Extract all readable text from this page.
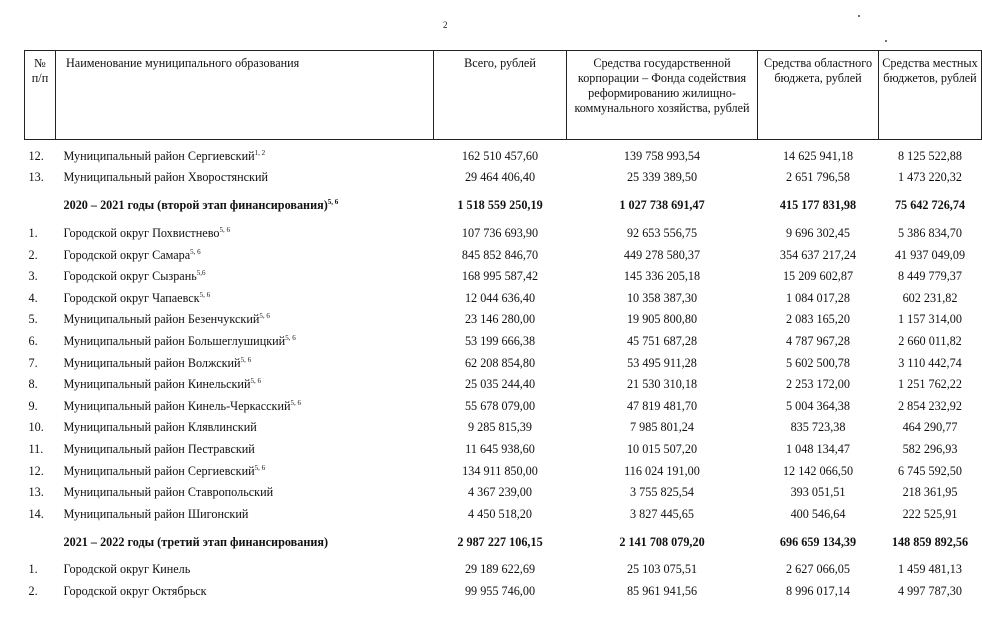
2
№ п/п	Наименование муниципального образования	Всего, рублей	Средства государственной корпорации – Фонда содействия реформированию жилищно-коммунального хозяйства, рублей	Средства областного бюджета, рублей	Средства местных бюджетов, рублей
12.	Муниципальный район Сергиевский$^{1, 2}$	162 510 457,60	139 758 993,54	14 625 941,18	8 125 522,88
13.	Муниципальный район Хворостянский	29 464 406,40	25 339 389,50	2 651 796,58	1 473 220,32
	2020 – 2021 годы (второй этап финансирования)$^{5, 6}$	1 518 559 250,19	1 027 738 691,47	415 177 831,98	75 642 726,74
1.	Городской округ Похвистнево$^{5, 6}$	107 736 693,90	92 653 556,75	9 696 302,45	5 386 834,70
2.	Городской округ Самара$^{5, 6}$	845 852 846,70	449 278 580,37	354 637 217,24	41 937 049,09
3.	Городской округ Сызрань$^{5,6}$	168 995 587,42	145 336 205,18	15 209 602,87	8 449 779,37
4.	Городской округ Чапаевск$^{5, 6}$	12 044 636,40	10 358 387,30	1 084 017,28	602 231,82
5.	Муниципальный район Безенчукский$^{5, 6}$	23 146 280,00	19 905 800,80	2 083 165,20	1 157 314,00
6.	Муниципальный район Большеглушицкий$^{5, 6}$	53 199 666,38	45 751 687,28	4 787 967,28	2 660 011,82
7.	Муниципальный район Волжский$^{5, 6}$	62 208 854,80	53 495 911,28	5 602 500,78	3 110 442,74
8.	Муниципальный район Кинельский$^{5, 6}$	25 035 244,40	21 530 310,18	2 253 172,00	1 251 762,22
9.	Муниципальный район Кинель-Черкасский$^{5, 6}$	55 678 079,00	47 819 481,70	5 004 364,38	2 854 232,92
10.	Муниципальный район Клявлинский	9 285 815,39	7 985 801,24	835 723,38	464 290,77
11.	Муниципальный район Пестравский	11 645 938,60	10 015 507,20	1 048 134,47	582 296,93
12.	Муниципальный район Сергиевский$^{5, 6}$	134 911 850,00	116 024 191,00	12 142 066,50	6 745 592,50
13.	Муниципальный район Ставропольский	4 367 239,00	3 755 825,54	393 051,51	218 361,95
14.	Муниципальный район Шигонский	4 450 518,20	3 827 445,65	400 546,64	222 525,91
	2021 – 2022 годы (третий этап финансирования)	2 987 227 106,15	2 141 708 079,20	696 659 134,39	148 859 892,56
1.	Городской округ Кинель	29 189 622,69	25 103 075,51	2 627 066,05	1 459 481,13
2.	Городской округ Октябрьск	99 955 746,00	85 961 941,56	8 996 017,14	4 997 787,30
